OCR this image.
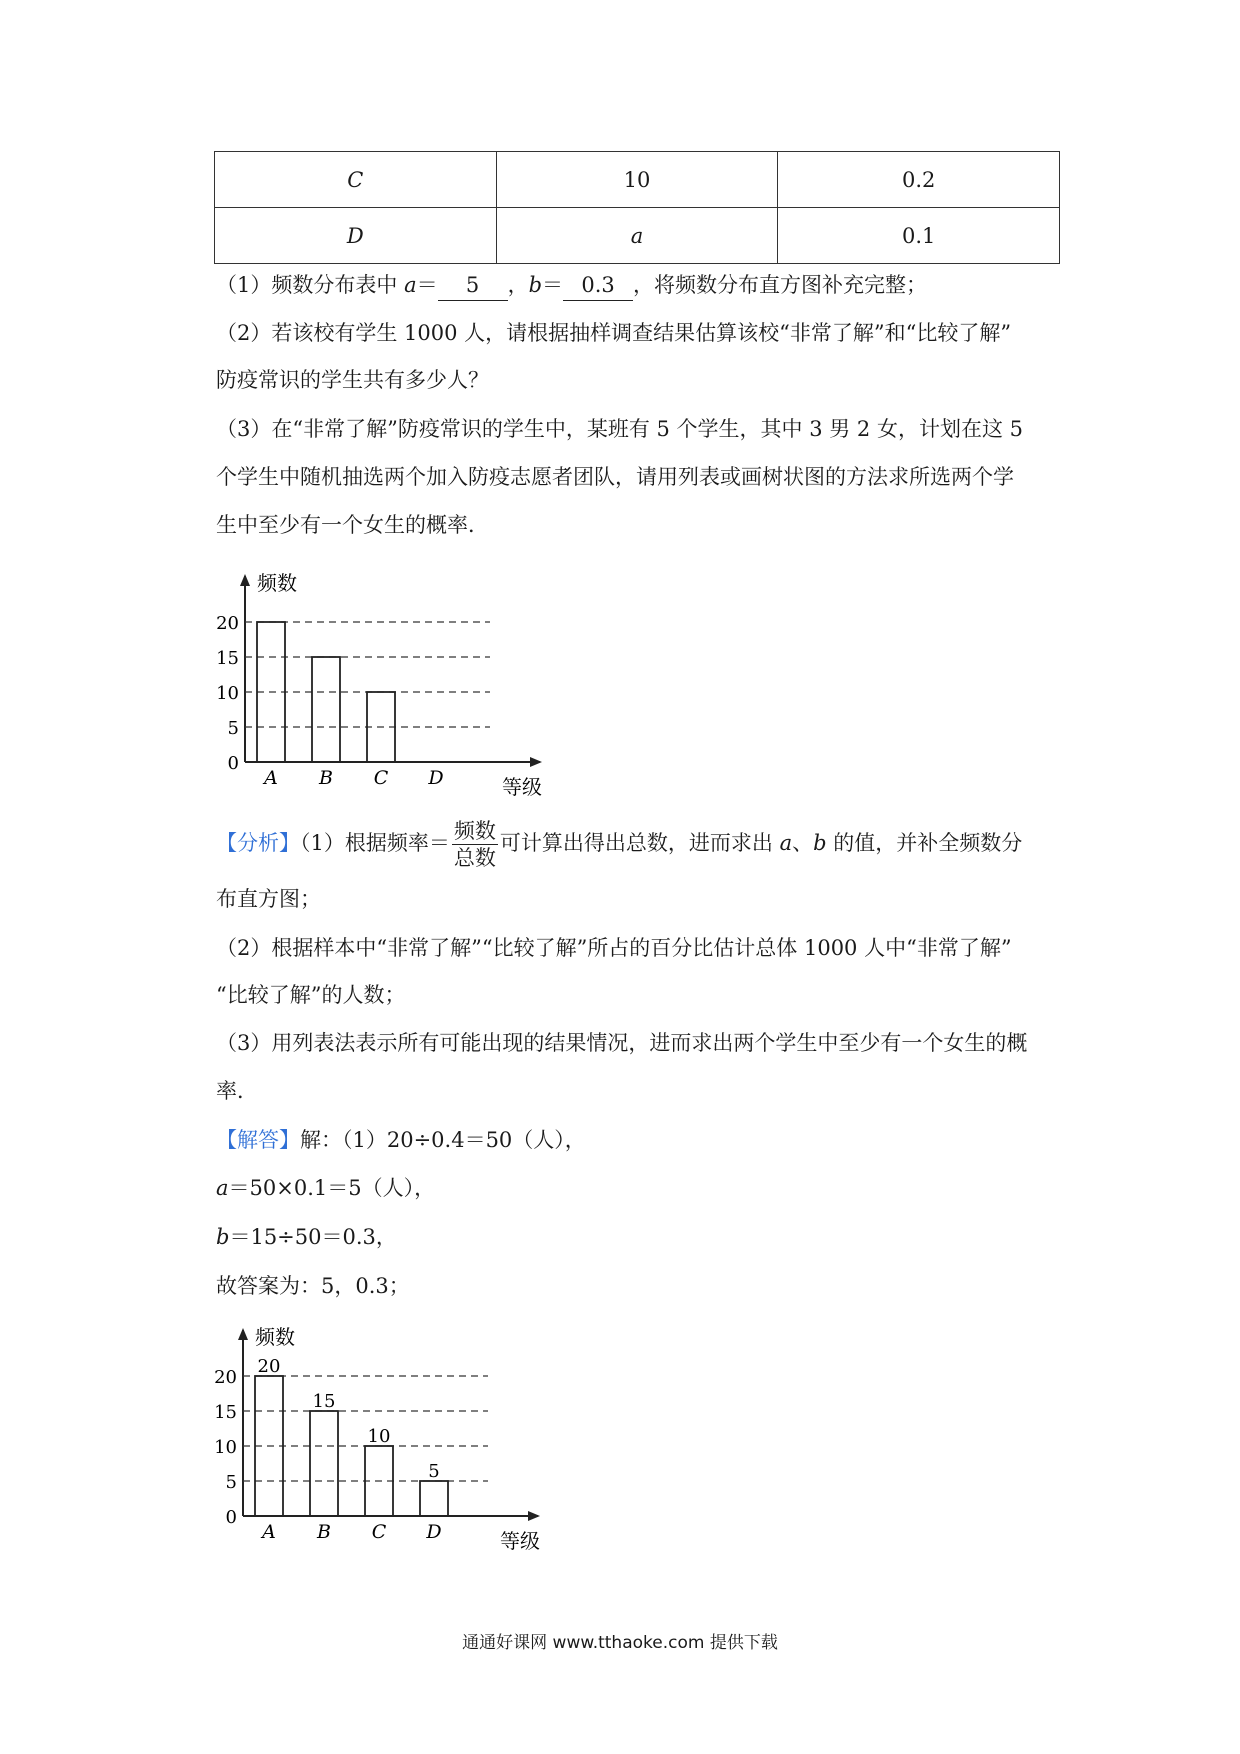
C	10	0.2
D	a	0.1
（1）频数分布表中 a＝ 5 ，b＝ 0.3 ，将频数分布直方图补充完整；
（2）若该校有学生 1000 人，请根据抽样调查结果估算该校“非常了解”和“比较了解”
防疫常识的学生共有多少人？
（3）在“非常了解”防疫常识的学生中，某班有 5 个学生，其中 3 男 2 女，计划在这 5
个学生中随机抽选两个加入防疫志愿者团队，请用列表或画树状图的方法求所选两个学
生中至少有一个女生的概率．
频数
等级
0
5
10
15
20
A B C D
【分析】（1）根据频率＝ $\frac{\text{频数}}{\text{总数}}$ 可计算出得出总数，进而求出 a、b 的值，并补全频数分
布直方图；
（2）根据样本中“非常了解”“比较了解”所占的百分比估计总体 1000 人中“非常了解”
“比较了解”的人数；
（3）用列表法表示所有可能出现的结果情况，进而求出两个学生中至少有一个女生的概
率．
【解答】解：（1）20÷0.4＝50（人），
a＝50×0.1＝5（人），
b＝15÷50＝0.3，
故答案为：5，0.3；
频数
等级
0
5
10
15
20
20
A
15
B
10
C
5
D
通通好课网 www.tthaoke.com 提供下载
